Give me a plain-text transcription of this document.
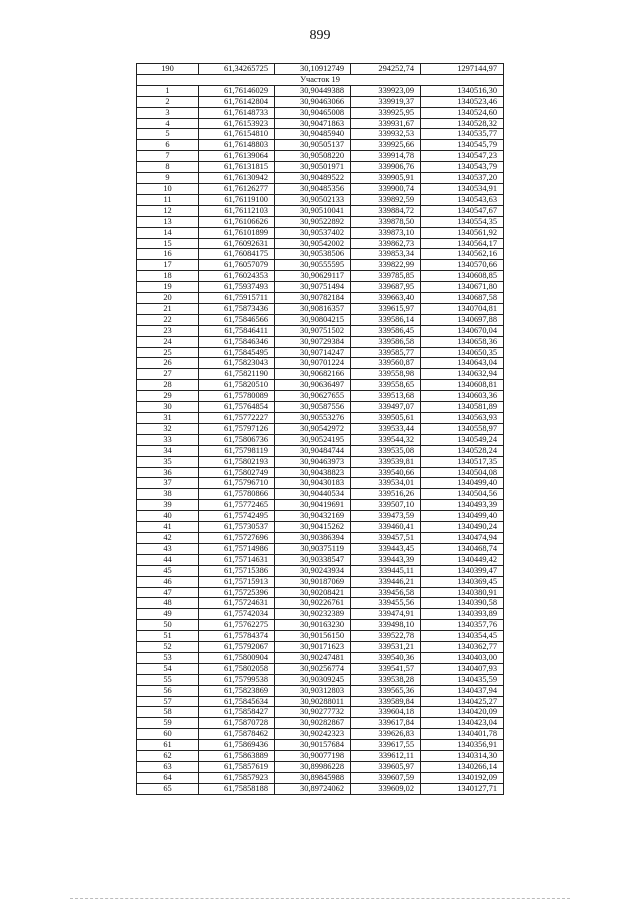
899
190	61,34265725	30,10912749	294252,74	1297144,97
Участок 19				
1	61,76146029	30,90449388	339923,09	1340516,30
2	61,76142804	30,90463066	339919,37	1340523,46
3	61,76148733	30,90465008	339925,95	1340524,60
4	61,76153923	30,90471863	339931,67	1340528,32
5	61,76154810	30,90485940	339932,53	1340535,77
6	61,76148803	30,90505137	339925,66	1340545,79
7	61,76139064	30,90508220	339914,78	1340547,23
8	61,76131815	30,90501971	339906,76	1340543,79
9	61,76130942	30,90489522	339905,91	1340537,20
10	61,76126277	30,90485356	339900,74	1340534,91
11	61,76119100	30,90502133	339892,59	1340543,63
12	61,76112103	30,90510041	339884,72	1340547,67
13	61,76106626	30,90522892	339878,50	1340554,35
14	61,76101899	30,90537402	339873,10	1340561,92
15	61,76092631	30,90542002	339862,73	1340564,17
16	61,76084175	30,90538506	339853,34	1340562,16
17	61,76057079	30,90555595	339822,99	1340570,66
18	61,76024353	30,90629117	339785,85	1340608,85
19	61,75937493	30,90751494	339687,95	1340671,80
20	61,75915711	30,90782184	339663,40	1340687,58
21	61,75873436	30,90816357	339615,97	1340704,81
22	61,75846566	30,90804215	339586,14	1340697,88
23	61,75846411	30,90751502	339586,45	1340670,04
24	61,75846346	30,90729384	339586,58	1340658,36
25	61,75845495	30,90714247	339585,77	1340650,35
26	61,75823043	30,90701224	339560,87	1340643,04
27	61,75821190	30,90682166	339558,98	1340632,94
28	61,75820510	30,90636497	339558,65	1340608,81
29	61,75780089	30,90627655	339513,68	1340603,36
30	61,75764854	30,90587556	339497,07	1340581,89
31	61,75772227	30,90553276	339505,61	1340563,93
32	61,75797126	30,90542972	339533,44	1340558,97
33	61,75806736	30,90524195	339544,32	1340549,24
34	61,75798119	30,90484744	339535,08	1340528,24
35	61,75802193	30,90463973	339539,81	1340517,35
36	61,75802749	30,90438823	339540,66	1340504,08
37	61,75796710	30,90430183	339534,01	1340499,40
38	61,75780866	30,90440534	339516,26	1340504,56
39	61,75772465	30,90419691	339507,10	1340493,39
40	61,75742495	30,90432169	339473,59	1340499,40
41	61,75730537	30,90415262	339460,41	1340490,24
42	61,75727696	30,90386394	339457,51	1340474,94
43	61,75714986	30,90375119	339443,45	1340468,74
44	61,75714631	30,90338547	339443,39	1340449,42
45	61,75715386	30,90243934	339445,11	1340399,47
46	61,75715913	30,90187069	339446,21	1340369,45
47	61,75725396	30,90208421	339456,58	1340380,91
48	61,75724631	30,90226761	339455,56	1340390,58
49	61,75742034	30,90232389	339474,91	1340393,89
50	61,75762275	30,90163230	339498,10	1340357,76
51	61,75784374	30,90156150	339522,78	1340354,45
52	61,75792067	30,90171623	339531,21	1340362,77
53	61,75800904	30,90247481	339540,36	1340403,00
54	61,75802058	30,90256774	339541,57	1340407,93
55	61,75799538	30,90309245	339538,28	1340435,59
56	61,75823869	30,90312803	339565,36	1340437,94
57	61,75845634	30,90288011	339589,84	1340425,27
58	61,75858427	30,90277732	339604,18	1340420,09
59	61,75870728	30,90282867	339617,84	1340423,04
60	61,75878462	30,90242323	339626,83	1340401,78
61	61,75869436	30,90157684	339617,55	1340356,91
62	61,75863889	30,90077198	339612,11	1340314,30
63	61,75857619	30,89986228	339605,97	1340266,14
64	61,75857923	30,89845988	339607,59	1340192,09
65	61,75858188	30,89724062	339609,02	1340127,71
